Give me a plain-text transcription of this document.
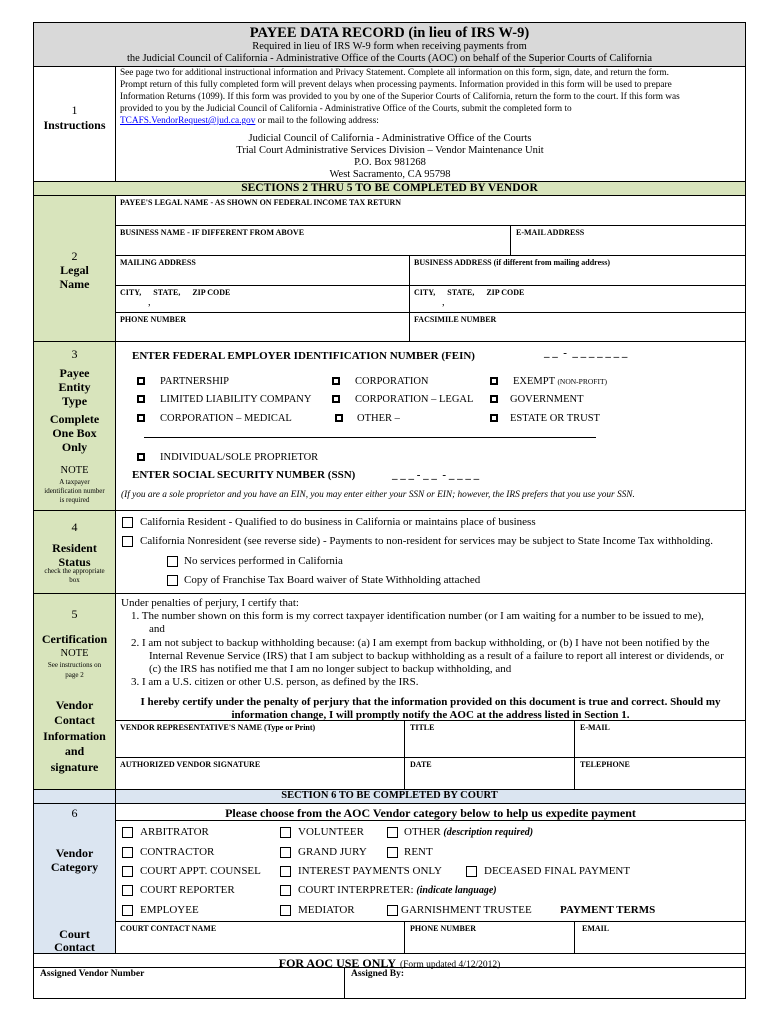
PAYEE DATA RECORD (in lieu of IRS W-9)
Required in lieu of IRS W-9 form when receiving payments from
the Judicial Council of California - Administrative Office of the Courts (AOC) on behalf of the Superior Courts of California
1
Instructions
See page two for additional instructional information and Privacy Statement. Complete all information on this form, sign, date, and return the form.
Prompt return of this fully completed form will prevent delays when processing payments. Information provided in this form will be used to prepare
Information Returns (1099). If this form was provided to you by one of the Superior Courts of California, return the form to the court. If this form was
provided to you by the Judicial Council of California - Administrative Office of the Courts, submit the completed form to
TCAFS.VendorRequest@jud.ca.gov or mail to the following address:
Judicial Council of California - Administrative Office of the Courts
Trial Court Administrative Services Division – Vendor Maintenance Unit
P.O. Box 981268
West Sacramento, CA 95798
SECTIONS 2 THRU 5 TO BE COMPLETED BY VENDOR
2
Legal
Name
PAYEE'S LEGAL NAME - AS SHOWN ON FEDERAL INCOME TAX RETURN
BUSINESS NAME - IF DIFFERENT FROM ABOVE	E-MAIL ADDRESS
MAILING ADDRESS	BUSINESS ADDRESS (if different from mailing address)
CITY,      STATE,      ZIP CODE
,
CITY,      STATE,      ZIP CODE
,
PHONE NUMBER	FACSIMILE NUMBER
3
Payee
Entity
Type
Complete
One Box
Only
NOTE
A taxpayer
identification number
is required
ENTER FEDERAL EMPLOYER IDENTIFICATION NUMBER (FEIN)	_ _  -  _ _ _ _ _ _ _
PARTNERSHIP	CORPORATION	EXEMPT (NON-PROFIT)
LIMITED LIABILITY COMPANY	CORPORATION – LEGAL	GOVERNMENT
CORPORATION – MEDICAL	OTHER –	ESTATE OR TRUST
INDIVIDUAL/SOLE PROPRIETOR
ENTER SOCIAL SECURITY NUMBER (SSN)	_ _ _ - _ _  - _ _ _ _
(If you are a sole proprietor and you have an EIN, you may enter either your SSN or EIN; however, the IRS prefers that you use your SSN.
4
Resident
Status
check the appropriate
box
California Resident - Qualified to do business in California or maintains place of business
California Nonresident (see reverse side) - Payments to non-resident for services may be subject to State Income Tax withholding.
No services performed in California
Copy of Franchise Tax Board waiver of State Withholding attached
5
Certification
NOTE
See instructions on
page 2
Vendor
Contact
Information
and
signature
Under penalties of perjury, I certify that:
1. The number shown on this form is my correct taxpayer identification number (or I am waiting for a number to be issued to me),
and
2. I am not subject to backup withholding because: (a) I am exempt from backup withholding, or (b) I have not been notified by the
Internal Revenue Service (IRS) that I am subject to backup withholding as a result of a failure to report all interest or dividends, or
(c) the IRS has notified me that I am no longer subject to backup withholding, and
3. I am a U.S. citizen or other U.S. person, as defined by the IRS.
I hereby certify under the penalty of perjury that the information provided on this document is true and correct. Should my
information change, I will promptly notify the AOC at the address listed in Section 1.
VENDOR REPRESENTATIVE'S NAME (Type or Print)	TITLE	E-MAIL
AUTHORIZED VENDOR SIGNATURE	DATE	TELEPHONE
SECTION 6 TO BE COMPLETED BY COURT
6
Vendor
Category
Court
Contact
Please choose from the AOC Vendor category below to help us expedite payment
ARBITRATOR	VOLUNTEER	OTHER (description required)
CONTRACTOR	GRAND JURY	RENT
COURT APPT. COUNSEL	INTEREST PAYMENTS ONLY	DECEASED FINAL PAYMENT
COURT REPORTER	COURT INTERPRETER: (indicate language)
EMPLOYEE	MEDIATOR	GARNISHMENT TRUSTEE	PAYMENT TERMS
COURT CONTACT NAME	PHONE NUMBER	EMAIL
FOR AOC USE ONLY (Form updated 4/12/2012)
Assigned Vendor Number	Assigned By:
